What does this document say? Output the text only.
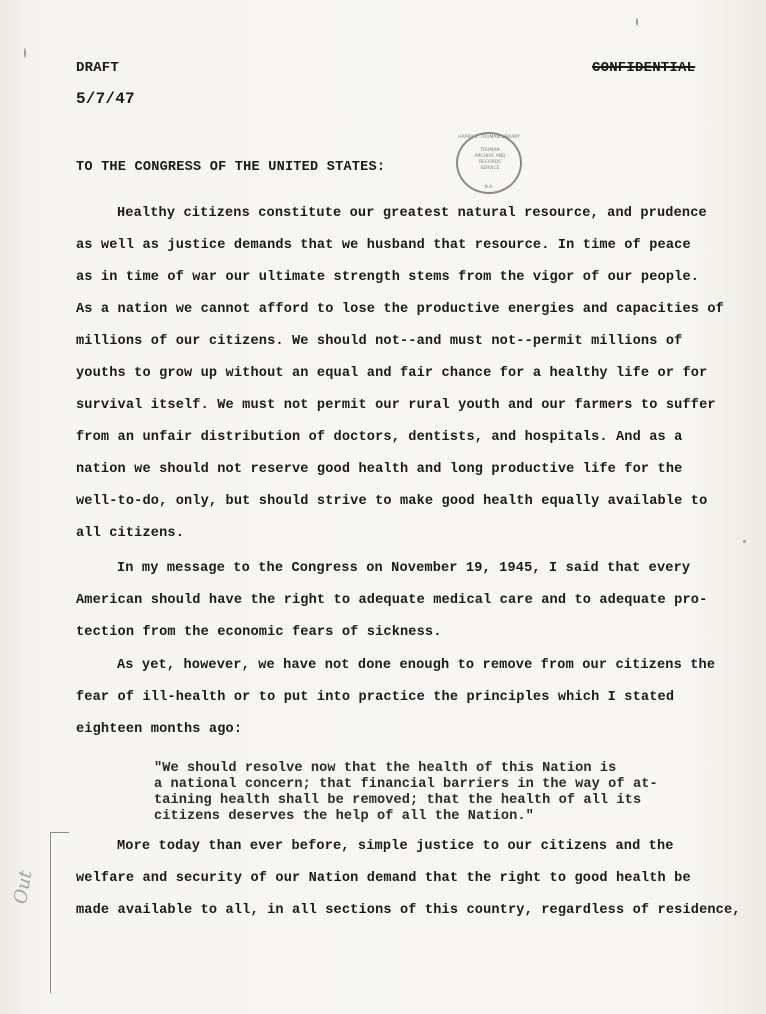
DRAFT
5/7/47
CONFIDENTIAL
HARRY S. TRUMAN LIBRARY
TRUMAN
ARCHIVE AND
RECORDS
SERVICE
N.A.
TO THE CONGRESS OF THE UNITED STATES:
Healthy citizens constitute our greatest natural resource, and prudence
as well as justice demands that we husband that resource. In time of peace
as in time of war our ultimate strength stems from the vigor of our people.
As a nation we cannot afford to lose the productive energies and capacities of
millions of our citizens. We should not--and must not--permit millions of
youths to grow up without an equal and fair chance for a healthy life or for
survival itself. We must not permit our rural youth and our farmers to suffer
from an unfair distribution of doctors, dentists, and hospitals. And as a
nation we should not reserve good health and long productive life for the
well-to-do, only, but should strive to make good health equally available to
all citizens.
In my message to the Congress on November 19, 1945, I said that every
American should have the right to adequate medical care and to adequate pro-
tection from the economic fears of sickness.
As yet, however, we have not done enough to remove from our citizens the
fear of ill-health or to put into practice the principles which I stated
eighteen months ago:
"We should resolve now that the health of this Nation is
a national concern; that financial barriers in the way of at-
taining health shall be removed; that the health of all its
citizens deserves the help of all the Nation."
More today than ever before, simple justice to our citizens and the
welfare and security of our Nation demand that the right to good health be
made available to all, in all sections of this country, regardless of residence,
Out
